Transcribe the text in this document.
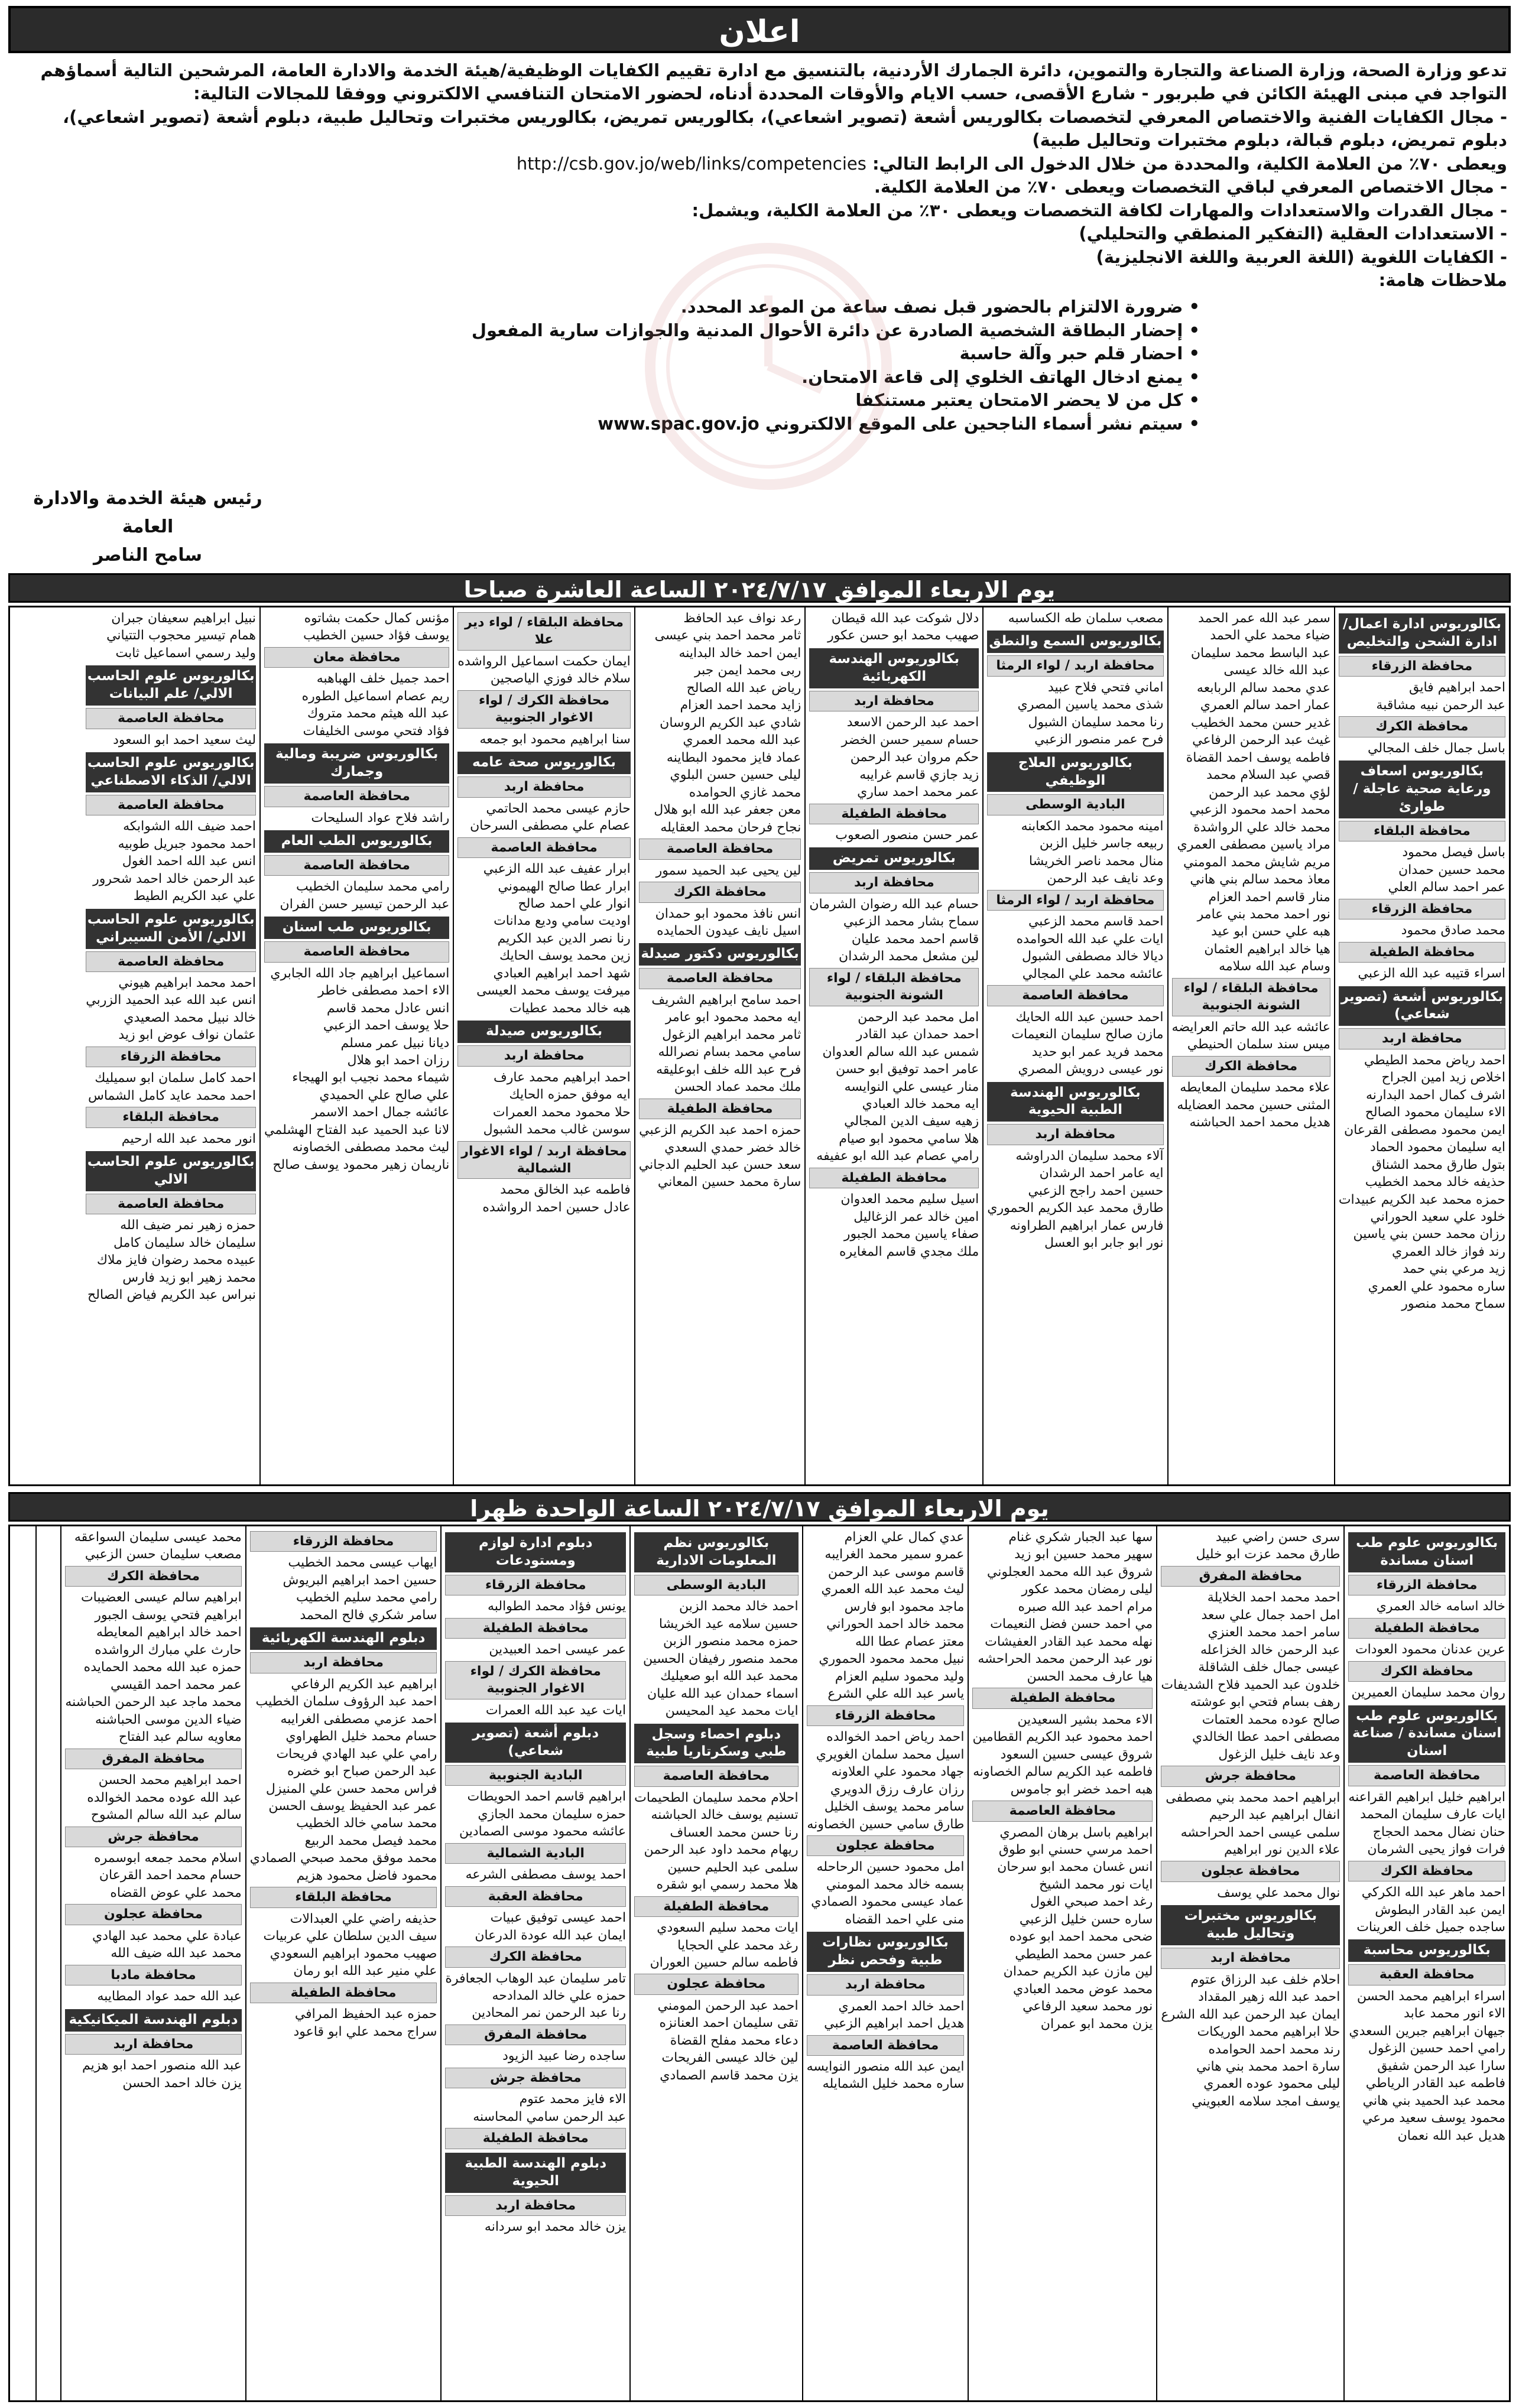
اعلان

تدعو وزارة الصحة، وزارة الصناعة والتجارة والتموين، دائرة الجمارك الأردنية، بالتنسيق مع ادارة تقييم الكفايات الوظيفية/هيئة الخدمة والادارة العامة، المرشحين التالية أسماؤهم التواجد في مبنى الهيئة الكائن في طبربور - شارع الأقصى، حسب الايام والأوقات المحددة أدناه، لحضور الامتحان التنافسي الالكتروني ووفقا للمجالات التالية:

- مجال الكفايات الفنية والاختصاص المعرفي لتخصصات بكالوريس أشعة (تصوير اشعاعي)، بكالوريس تمريض، بكالوريس مختبرات وتحاليل طبية، دبلوم أشعة (تصوير اشعاعي)، دبلوم تمريض، دبلوم قبالة، دبلوم مختبرات وتحاليل طبية)

ويعطى ٧٠٪ من العلامة الكلية، والمحددة من خلال الدخول الى الرابط التالي: http://csb.gov.jo/web/links/competencies

- مجال الاختصاص المعرفي لباقي التخصصات ويعطى ٧٠٪ من العلامة الكلية.

- مجال القدرات والاستعدادات والمهارات لكافة التخصصات ويعطى ٣٠٪ من العلامة الكلية، ويشمل:

- الاستعدادات العقلية (التفكير المنطقي والتحليلي)

- الكفايات اللغوية (اللغة العربية واللغة الانجليزية)

ملاحظات هامة:

• ضرورة الالتزام بالحضور قبل نصف ساعة من الموعد المحدد.
• إحضار البطاقة الشخصية الصادرة عن دائرة الأحوال المدنية والجوازات سارية المفعول
• احضار قلم حبر وآلة حاسبة
• يمنع ادخال الهاتف الخلوي إلى قاعة الامتحان.
• كل من لا يحضر الامتحان يعتبر مستنكفا
• سيتم نشر أسماء الناجحين على الموقع الالكتروني www.spac.gov.jo
رئيس هيئة الخدمة والادارة العامة
سامح الناصر
يوم الاربعاء الموافق ٢٠٢٤/٧/١٧ الساعة العاشرة صباحا
بكالوريوس ادارة اعمال/ ادارة الشحن والتخليص
محافظة الزرقاء
احمد ابراهيم فايق
عبد الرحمن نبيه مشاقبة
محافظة الكرك
باسل جمال خلف المجالي
بكالوريوس اسعاف ورعاية صحية عاجلة / طوارئ
محافظة البلقاء
باسل فيصل محمود
محمد حسين حمدان
عمر احمد سالم العلي
محافظة الزرقاء
محمد صادق محمود
محافظة الطفيلة
اسراء قتيبه عبد الله الزعبي
بكالوريوس أشعة (تصوير شعاعي)
محافظة اربد
احمد رياض محمد الطيطي
اخلاص زيد امين الجراح
اشرف كمال احمد البدارنه
الاء سليمان محمود الصالح
ايمن محمود مصطفى القرعان
ايه سليمان محمود الحماد
بتول طارق محمد الشناق
حذيفه خالد محمد الخطيب
حمزه محمد عبد الكريم عبيدات
خلود علي سعيد الحوراني
رزان محمد حسن بني ياسين
رند فواز خالد العمري
زيد مرعي بني حمد
ساره محمود علي العمري
سماح محمد منصور
سمر عبد الله عمر الحمد
ضياء محمد علي الحمد
عبد الباسط محمد سليمان
عبد الله خالد عيسى
عدي محمد سالم الربابعه
عمار احمد سالم العمري
غدير حسن محمد الخطيب
غيث عبد الرحمن الرفاعي
فاطمه يوسف احمد القضاة
قصي عبد السلام محمد
لؤي محمد عبد الرحمن
محمد احمد محمود الزعبي
محمد خالد علي الرواشدة
مراد ياسين مصطفى العمري
مريم شايش محمد المومني
معاذ محمد سالم بني هاني
منار قاسم احمد العزام
نور احمد محمد بني عامر
هبه علي حسن ابو عيد
هيا خالد ابراهيم العثمان
وسام عبد الله سلامه
محافظة البلقاء / لواء الشونة الجنوبية
عائشه عبد الله حاتم العرايضه
ميس سند سلمان الحنيطي
محافظة الكرك
علاء محمد سليمان المعايطه
المثنى حسين محمد العضايله
هديل محمد احمد الحباشنه
مصعب سلمان طه الكساسبه
بكالوريوس السمع والنطق
محافظة اربد / لواء الرمثا
اماني فتحي فلاح عبيد
شذى محمد ياسين المصري
رنا محمد سليمان الشبول
فرح عمر منصور الزعبي
بكالوريوس العلاج الوظيفي
البادية الوسطى
امينه محمود محمد الكعابنه
ربيعه جاسر خليل الزبن
منال محمد ناصر الخريشا
وعد نايف عبد الرحمن
محافظة اربد / لواء الرمثا
احمد قاسم محمد الزعبي
ايات علي عبد الله الحوامده
ديالا خالد مصطفى الشبول
عائشه محمد علي المجالي
محافظة العاصمة
احمد حسين عبد الله الحايك
مازن صالح سليمان النعيمات
محمد فريد عمر ابو حديد
نور عيسى درويش المصري
بكالوريوس الهندسة الطبية الحيوية
محافظة اربد
آلاء محمد سليمان الدراوشه
ايه عامر احمد الرشدان
حسين احمد راجح الزعبي
طارق محمد عبد الكريم الحموري
فارس عمار ابراهيم الطراونه
نور ابو جابر ابو العسل
دلال شوكت عبد الله قيطان
صهيب محمد ابو حسن عكور
بكالوريوس الهندسة الكهربائية
محافظة اربد
احمد عبد الرحمن الاسعد
حسام سمير حسن الخضر
حكم مروان عبد الرحمن
زيد جازي قاسم غرايبه
عمر محمد احمد ساري
محافظة الطفيلة
عمر حسن منصور الصعوب
بكالوريوس تمريض
محافظة اربد
حسام عبد الله رضوان الشرمان
سماح بشار محمد الزعبي
قاسم احمد محمد عليان
لين مشعل محمد الرشدان
محافظة البلقاء / لواء الشونة الجنوبية
امل محمد عبد الرحمن
احمد حمدان عبد القادر
شمس عبد الله سالم العدوان
عامر احمد توفيق ابو حسن
منار عيسى علي النوايسه
ايه محمد خالد العبادي
زهيه سيف الدين المجالي
هلا سامي محمود ابو صيام
رامي عصام عبد الله ابو عفيفه
محافظة الطفيلة
اسيل سليم محمد العدوان
امين خالد عمر الزغاليل
صفاء ياسين محمد الجبور
ملك مجدي قاسم المغايره
رعد نواف عبد الحافظ
ثامر محمد احمد بني عيسى
ايمن احمد خالد البداينه
ربى محمد ايمن جبر
رياض عبد الله الصالح
زايد محمد احمد العزام
شادي عبد الكريم الروسان
عبد الله محمد العمري
عماد فايز محمود البطاينه
ليلى حسين حسن البلوي
محمد غازي الحوامده
معن جعفر عبد الله ابو هلال
نجاح فرحان محمد العقايله
محافظة العاصمة
لين يحيى عبد الحميد سمور
محافظة الكرك
انس نافذ محمود ابو حمدان
اسيل نايف عيدون الحمايده
بكالوريوس دكتور صيدلة
محافظة العاصمة
احمد سامح ابراهيم الشريف
ايه محمد محمود ابو عامر
ثامر محمد ابراهيم الزغول
سامي محمد بسام نصرالله
فرح عبد الله خلف ابوعليقه
ملك محمد عماد الحسن
محافظة الطفيلة
حمزه احمد عبد الكريم الزعبي
خالد خضر حمدي السعدي
سعد حسن عبد الحليم الدجاني
سارة محمد حسين المعاني
محافظة البلقاء / لواء دير علا
ايمان حكمت اسماعيل الرواشده
سلام خالد فوزي الياصجين
محافظة الكرك / لواء الاغوار الجنوبية
سنا ابراهيم محمود ابو جمعه
بكالوريوس صحة عامه
محافظة اربد
حازم عيسى محمد الحاتمي
عصام علي مصطفى السرحان
محافظة العاصمة
ابرار عفيف عبد الله الزعبي
ابرار عطا صالح الهيموني
انوار علي احمد صالح
اوديت سامي وديع مدانات
رنا نصر الدين عبد الكريم
زين محمد يوسف الحايك
شهد احمد ابراهيم العبادي
ميرفت يوسف محمد العيسى
هبه خالد محمد عطيات
بكالوريوس صيدلة
محافظة اربد
احمد ابراهيم محمد عارف
ايه موفق حمزه الحايك
حلا محمود محمد العمرات
سوسن غالب محمد الشبول
محافظة اربد / لواء الاغوار الشمالية
فاطمه عبد الخالق محمد
عادل حسين احمد الرواشده
مؤنس كمال حكمت بشاتوه
يوسف فؤاد حسين الخطيب
محافظة معان
احمد جميل خلف الهباهبه
ريم عصام اسماعيل الطوره
عبد الله هيثم محمد متروك
فؤاد فتحي موسى الخليفات
بكالوريوس ضريبة ومالية وجمارك
محافظة العاصمة
راشد فلاح عواد السليحات
بكالوريوس الطب العام
محافظة العاصمة
رامي محمد سليمان الخطيب
عبد الرحمن تيسير حسن الفران
بكالوريوس طب اسنان
محافظة العاصمة
اسماعيل ابراهيم جاد الله الجابري
الاء احمد مصطفى خاطر
انس عادل محمد قاسم
حلا يوسف احمد الزعبي
ديانا نبيل عمر مسلم
رزان احمد ابو هلال
شيماء محمد نجيب ابو الهيجاء
علي صالح علي الحميدي
عائشه جمال احمد الاسمر
لانا عبد الحميد عبد الفتاح الهشلمي
ليث محمد مصطفى الخصاونه
ناريمان زهير محمود يوسف صالح
نبيل ابراهيم سعيفان جبران
همام تيسير محجوب التتياني
وليد رسمي اسماعيل ثابت
بكالوريوس علوم الحاسب الالي/ علم البيانات
محافظة العاصمة
ليث سعيد احمد ابو السعود
بكالوريوس علوم الحاسب الالي/ الذكاء الاصطناعي
محافظة العاصمة
احمد ضيف الله الشوابكه
احمد محمود جبريل طوبيه
انس عبد الله احمد الغول
عبد الرحمن خالد احمد شحرور
علي عبد الكريم الطيط
بكالوريوس علوم الحاسب الالي/ الأمن السيبراني
محافظة العاصمة
احمد محمد ابراهيم هيوني
انس عبد الله عبد الحميد الزربي
خالد نبيل محمد الصعيدي
عثمان نواف عوض ابو زيد
محافظة الزرقاء
احمد كامل سلمان ابو سميليك
احمد محمد عايد كامل الشماس
محافظة البلقاء
انور محمد عبد الله ارحيم
بكالوريوس علوم الحاسب الالي
محافظة العاصمة
حمزه زهير نمر ضيف الله
سليمان خالد سليمان كامل
عبيده محمد رضوان فايز ملاك
محمد زهير ابو زيد فارس
نبراس عبد الكريم فياض الصالح
يوم الاربعاء الموافق ٢٠٢٤/٧/١٧ الساعة الواحدة ظهرا
بكالوريوس علوم طب اسنان مساندة
محافظة الزرقاء
خالد اسامه خالد العمري
محافظة الطفيلة
عرين عدنان محمود العودات
محافظة الكرك
روان محمد سليمان العميرين
بكالوريوس علوم طب اسنان مساندة / صناعة اسنان
محافظة العاصمة
ابراهيم خليل ابراهيم القراعنه
ايات عارف سليمان المحمد
حنان نضال محمد الحجاج
فرات فواز يحيى الشرمان
محافظة الكرك
احمد ماهر عبد الله الكركي
ايمن عبد القادر البطوش
ساجده جميل خلف العرينات
بكالوريوس محاسبة
محافظة العقبة
اسراء ابراهيم محمد الحسن
الاء انور محمد عابد
جيهان ابراهيم جبرين السعدي
رامي احمد حسين الزغول
سارا عبد الرحمن شفيق
فاطمه عبد القادر الرياطي
محمد عبد الحميد بني هاني
محمود يوسف سعيد مرعي
هديل عبد الله نعمان
سرى حسن راضي عبيد
طارق محمد عزت ابو خليل
محافظة المفرق
احمد محمد احمد الخلايلة
امل احمد جمال علي سعد
سامر احمد محمد العنزي
عبد الرحمن خالد الخزاعله
عيسى جمال خلف الشاقلة
خلدون عبد الحميد فلاح الشديفات
رهف بسام فتحي ابو عوشته
صالح عوده محمد العتمات
مصطفى احمد عطا الخالدي
وعد نايف خليل الزغول
محافظة جرش
ابراهيم احمد محمد بني مصطفى
انفال ابراهيم عبد الرحيم
سلمى عيسى احمد الحراحشه
علاء الدين نور ابراهيم
محافظة عجلون
نوال محمد علي يوسف
بكالوريوس مختبرات وتحاليل طبية
محافظة اربد
احلام خلف عبد الرزاق عتوم
احمد عبد الله زهير المقداد
ايمان عبد الرحمن عبد الله الشرع
حلا ابراهيم محمد الوريكات
رند محمد احمد الحوامده
سارة احمد محمد بني هاني
ليلى محمود عوده العمري
يوسف امجد سلامه العبويني
سها عبد الجبار شكري غنام
سهير محمد حسين ابو زيد
شروق عبد الله محمد العجلوني
ليلى رمضان محمد عكور
مرام احمد عبد الله صبره
مي احمد حسن فضل النعيمات
نهله محمد عبد القادر العفيشات
نور عبد الرحمن محمد الحراحشه
هيا عارف محمد الحسن
محافظة الطفيلة
الاء محمد بشير السعيدين
احمد محمود عبد الكريم القطامين
شروق عيسى حسين السعود
فاطمه عبد الكريم سالم الخصاونه
هبه احمد خضر ابو جاموس
محافظة العاصمة
ابراهيم باسل برهان المصري
احمد مرسي حسني ابو طوق
انس غسان محمد ابو سرحان
ايات نور محمد الشيخ
رغد احمد صبحي الغول
ساره حسن خليل الزعبي
ضحى محمد احمد ابو عوده
عمر حسن محمد الطيطي
لين مازن عبد الكريم حمدان
محمد عوض محمد العبادي
نور محمد سعيد الرفاعي
يزن محمد ابو عمران
عدي كمال علي العزام
عمرو سمير محمد الغرايبه
قاسم موسى عبد الرحمن
ليث محمد عبد الله العمري
ماجد محمود ابو فارس
محمد خالد احمد الحوراني
معتز عصام عطا الله
نبيل محمد محمود الحموري
وليد محمود سليم العزام
ياسر عبد الله علي الشرع
محافظة الزرقاء
احمد رياض احمد الخوالده
اسيل محمد سلمان الغويري
جهاد محمود علي العلاونه
رزان عارف رزق الدويري
سامر محمد يوسف الخليل
طارق سامي حسين الخصاونه
محافظة عجلون
امل محمود حسين الرحاحله
بسمه خالد محمد المومني
عماد عيسى محمود الصمادي
منى علي احمد القضاه
بكالوريوس نظارات طبية وفحص نظر
محافظة اربد
احمد خالد احمد العمري
هديل احمد ابراهيم الزعبي
محافظة العاصمة
ايمن عبد الله منصور النوايسه
ساره محمد خليل الشمايله
بكالوريوس نظم المعلومات الادارية
البادية الوسطى
احمد خالد محمد الزبن
حسين سلامه عيد الخريشا
حمزه محمد منصور الزبن
محمد منصور رفيفان الحسين
محمد عبد الله ابو صعيليك
اسماء حمدان عبد الله عليان
ايات محمد عيد المحيسن
دبلوم احصاء وسجل طبي وسكرتاريا طبية
محافظة العاصمة
احلام محمد سليمان الطحيمات
تسنيم يوسف خالد الحباشنه
رنا حسن محمد العساف
ريهام محمد داود عبد الرحمن
سلمى عبد الحليم حسين
هلا محمد رسمي ابو شقره
محافظة الطفيلة
ايات محمد سليم السعودي
رغد محمد علي الحجايا
فاطمه سالم حسين العوران
محافظة عجلون
احمد عبد الرحمن المومني
تقى سليمان احمد العنانزه
دعاء محمد مفلح القضاة
لين خالد عيسى الفريحات
يزن محمد قاسم الصمادي
دبلوم ادارة لوازم ومستودعات
محافظة الزرقاء
يونس فؤاد محمد الطوالبه
محافظة الطفيلة
عمر عيسى احمد العبيدين
محافظة الكرك / لواء الاغوار الجنوبية
ايات عيد عبد الله العمرات
دبلوم أشعة (تصوير شعاعي)
البادية الجنوبية
ابراهيم قاسم احمد الحويطات
حمزه سليمان محمد الجازي
عائشه محمود موسى الصمادين
البادية الشمالية
احمد يوسف مصطفى الشرعه
محافظة العقبة
احمد عيسى توفيق عبيات
ايمان عبد الله عودة الدرعان
محافظة الكرك
تامر سليمان عبد الوهاب الجعافرة
حمزه علي خالد المدادحه
رنا عبد الرحمن نمر المحادين
محافظة المفرق
ساجده رضا عبيد الزيود
محافظة جرش
الاء فايز محمد عتوم
عبد الرحمن سامي المحاسنه
محافظة الطفيلة
دبلوم الهندسة الطبية الحيوية
محافظة اربد
يزن خالد محمد ابو سردانه
محافظة الزرقاء
ايهاب عيسى محمد الخطيب
حسين احمد ابراهيم البريوش
رامي محمد سليم الخطيب
سامر شكري فالح المحمد
دبلوم الهندسة الكهربائية
محافظة اربد
ابراهيم عبد الكريم الرفاعي
احمد عبد الرؤوف سلمان الخطيب
احمد عزمي مصطفى الغرايبه
حسام محمد خليل الطهراوي
رامي علي عبد الهادي فريحات
عبد الرحمن صباح ابو خضره
فراس محمد حسن علي المنيزل
عمر عبد الحفيظ يوسف الحسن
محمد سامي خالد الخطيب
محمد فيصل محمد الربيع
محمد موفق محمد صبحي الصمادي
محمود فاضل محمود هزيم
محافظة البلقاء
حذيفه راضي علي العبدالات
سيف الدين سلطان علي عربيات
صهيب محمود ابراهيم السعودي
علي منير عبد الله ابو رمان
محافظة الطفيلة
حمزه عبد الحفيظ المرافي
سراج محمد علي ابو قاعود
محمد عيسى سليمان السواعقه
مصعب سليمان حسن الزعبي
محافظة الكرك
ابراهيم سالم عيسى العضيبات
ابراهيم فتحي يوسف الجبور
احمد خالد ابراهيم المعايطه
حارث علي مبارك الرواشده
حمزه عبد الله محمد الحمايده
عمر محمد احمد القيسي
محمد ماجد عبد الرحمن الحباشنه
ضياء الدين موسى الحباشنه
معاويه سالم عبد الفتاح
محافظة المفرق
احمد ابراهيم محمد الحسن
عبد الله عوده محمد الخوالده
سالم عبد الله سالم المشوح
محافظة جرش
اسلام محمد جمعه ابوسمره
حسام محمد احمد القرعان
محمد علي عوض القضاه
محافظة عجلون
عبادة علي محمد عبد الهادي
محمد عبد الله ضيف الله
محافظة مادبا
عبد الله حمد عواد المطايبه
دبلوم الهندسة الميكانيكية
محافظة اربد
عبد الله منصور احمد ابو هزيم
يزن خالد احمد الحسن
